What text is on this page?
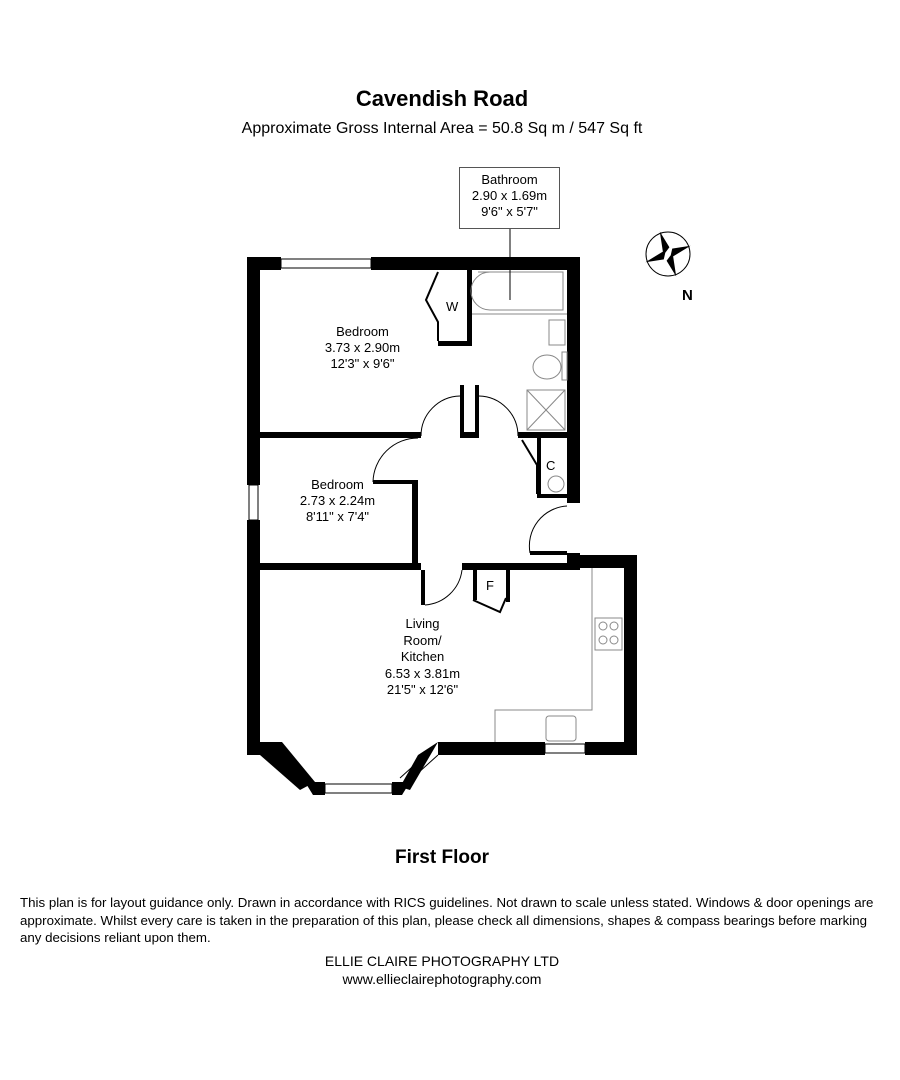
Cavendish Road
Approximate Gross Internal Area = 50.8 Sq m / 547 Sq ft
N
W
C
F
Bathroom
2.90 x 1.69m
9'6" x 5'7"
Bedroom
3.73 x 2.90m
12'3" x 9'6"
Bedroom
2.73 x 2.24m
8'11" x 7'4"
Living
Room/
Kitchen
6.53 x 3.81m
21'5" x 12'6"
First Floor
This plan is for layout guidance only. Drawn in accordance with RICS guidelines. Not drawn to scale unless stated. Windows & door openings are approximate. Whilst every care is taken in the preparation of this plan, please check all dimensions, shapes & compass bearings before marking any decisions reliant upon them.
ELLIE CLAIRE PHOTOGRAPHY LTD
www.ellieclairephotography.com
